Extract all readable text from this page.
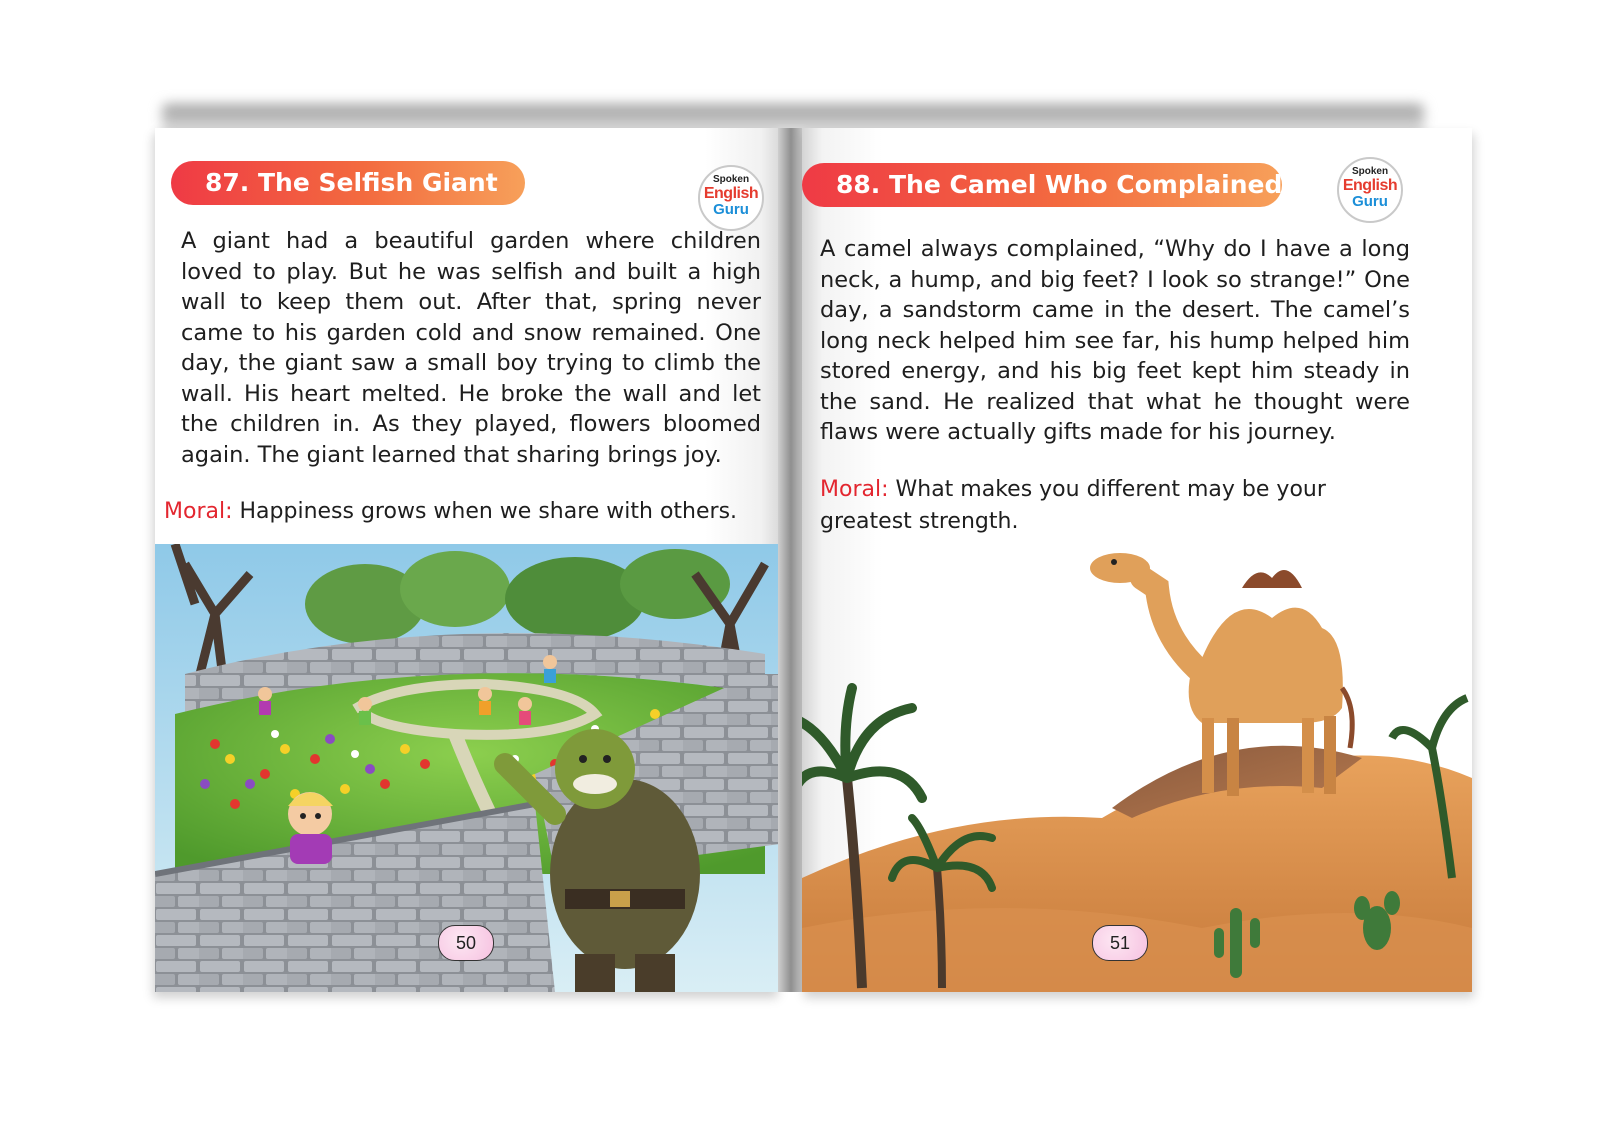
87. The Selfish Giant	Spoken
English
Guru
A giant had a beautiful garden where children loved to play. But he was selfish and built a high wall to keep them out. After that, spring never came to his garden cold and snow remained. One day, the giant saw a small boy trying to climb the wall. His heart melted. He broke the wall and let the children in. As they played, flowers bloomed again. The giant learned that sharing brings joy.
Moral: Happiness grows when we share with others.
50
88. The Camel Who Complained	Spoken
English
Guru
A camel always complained, “Why do I have a long neck, a hump, and big feet? I look so strange!” One day, a sandstorm came in the desert. The camel’s long neck helped him see far, his hump helped him stored energy, and his big feet kept him steady in the sand. He realized that what he thought were flaws were actually gifts made for his journey.
Moral: What makes you different may be your greatest strength.
51
